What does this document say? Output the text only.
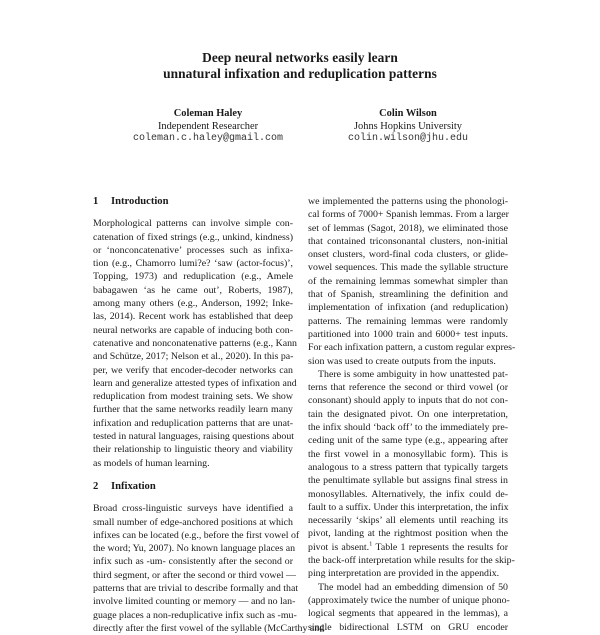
Deep neural networks easily learn
unnatural infixation and reduplication patterns
Coleman Haley
Independent Researcher
coleman.c.haley@gmail.com
Colin Wilson
Johns Hopkins University
colin.wilson@jhu.edu
1 Introduction
Morphological patterns can involve simple con-
catenation of fixed strings (e.g., unkind, kindness)
or ‘nonconcatenative’ processes such as infixa-
tion (e.g., Chamorro lumi?e? ‘saw (actor-focus)’,
Topping, 1973) and reduplication (e.g., Amele
babagawen ‘as he came out’, Roberts, 1987),
among many others (e.g., Anderson, 1992; Inke-
las, 2014). Recent work has established that deep
neural networks are capable of inducing both con-
catenative and nonconatenative patterns (e.g., Kann
and Schütze, 2017; Nelson et al., 2020). In this pa-
per, we verify that encoder-decoder networks can
learn and generalize attested types of infixation and
reduplication from modest training sets. We show
further that the same networks readily learn many
infixation and reduplication patterns that are unat-
tested in natural languages, raising questions about
their relationship to linguistic theory and viability
as models of human learning.
2 Infixation
Broad cross-linguistic surveys have identified a
small number of edge-anchored positions at which
infixes can be located (e.g., before the first vowel of
the word; Yu, 2007). No known language places an
infix such as -um- consistently after the second or
third segment, or after the second or third vowel —
patterns that are trivial to describe formally and that
involve limited counting or memory — and no lan-
guage places a non-reduplicative infix such as -mu-
directly after the first vowel of the syllable (McCarthy and
we implemented the patterns using the phonologi-
cal forms of 7000+ Spanish lemmas. From a larger
set of lemmas (Sagot, 2018), we eliminated those
that contained triconsonantal clusters, non-initial
onset clusters, word-final coda clusters, or glide-
vowel sequences. This made the syllable structure
of the remaining lemmas somewhat simpler than
that of Spanish, streamlining the definition and
implementation of infixation (and reduplication)
patterns. The remaining lemmas were randomly
partitioned into 1000 train and 6000+ test inputs.
For each infixation pattern, a custom regular expres-
sion was used to create outputs from the inputs.
There is some ambiguity in how unattested pat-
terns that reference the second or third vowel (or
consonant) should apply to inputs that do not con-
tain the designated pivot. On one interpretation,
the infix should ‘back off’ to the immediately pre-
ceding unit of the same type (e.g., appearing after
the first vowel in a monosyllabic form). This is
analogous to a stress pattern that typically targets
the penultimate syllable but assigns final stress in
monosyllables. Alternatively, the infix could de-
fault to a suffix. Under this interpretation, the infix
necessarily ‘skips’ all elements until reaching its
pivot, landing at the rightmost position when the
pivot is absent.$^1$ Table 1 represents the results for
the back-off interpretation while results for the skip-
ping interpretation are provided in the appendix.
The model had an embedding dimension of 50
(approximately twice the number of unique phono-
logical segments that appeared in the lemmas), a
single bidirectional LSTM on GRU encoder
